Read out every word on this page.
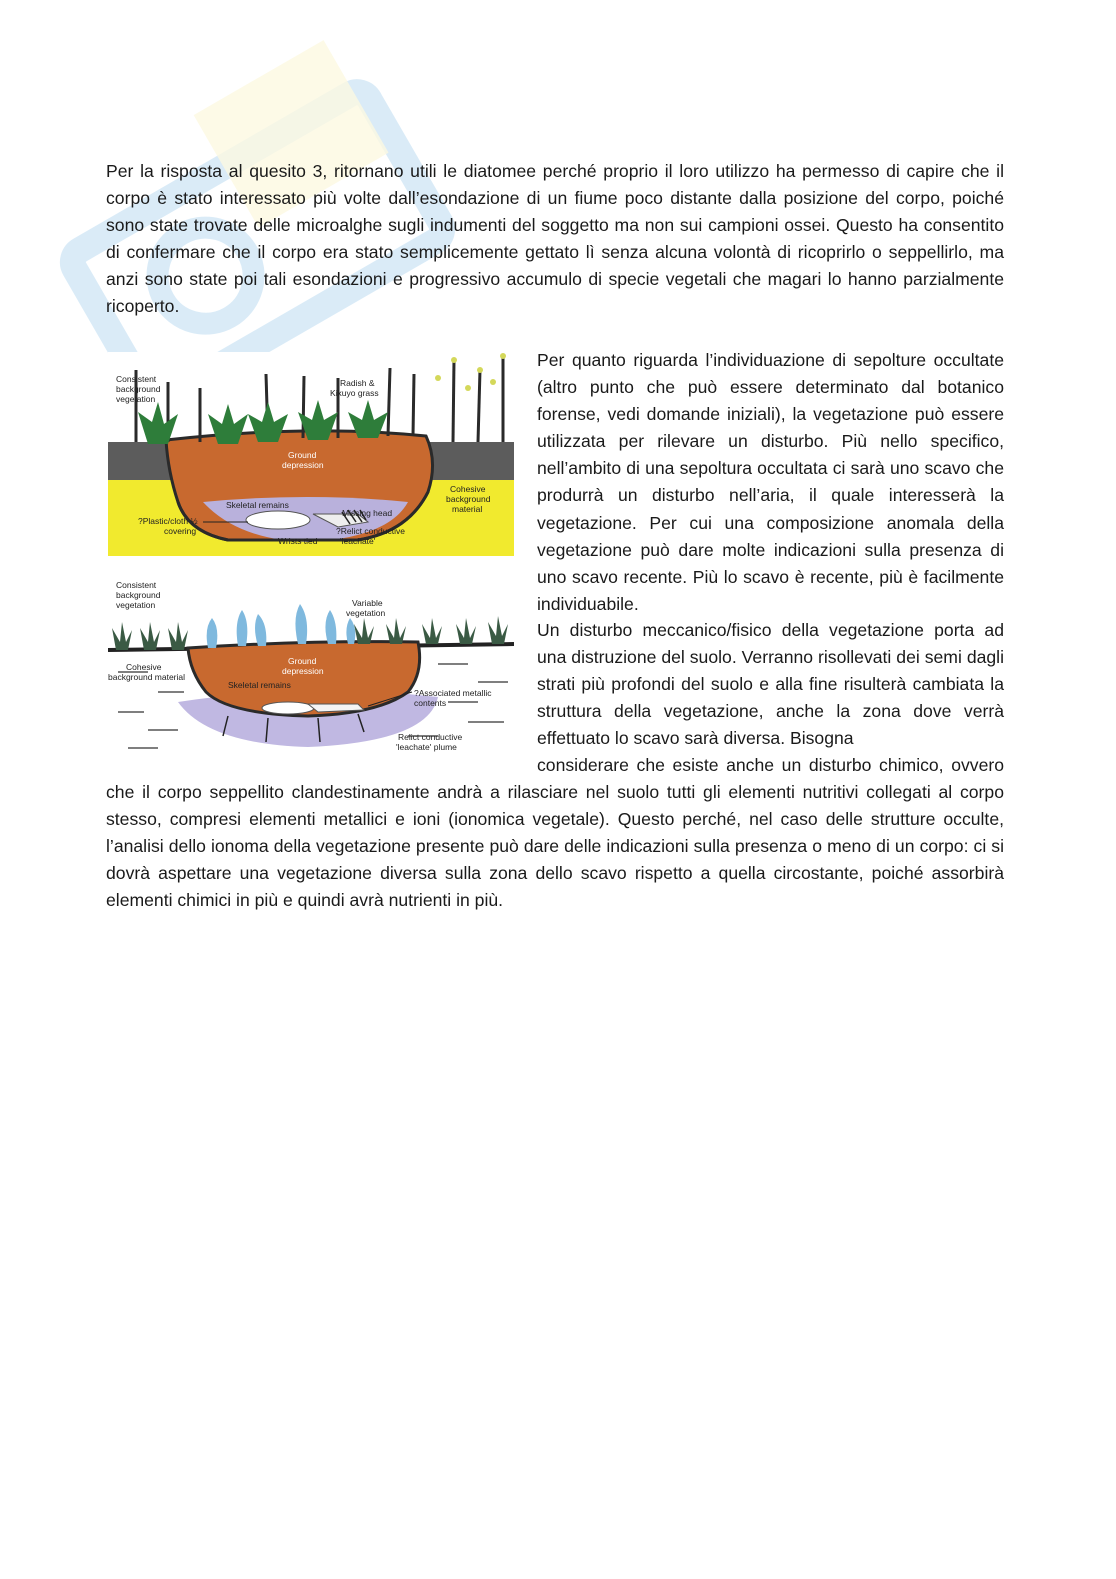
Per la risposta al quesito 3, ritornano utili le diatomee perché proprio il loro utilizzo ha permesso di capire che il corpo è stato interessato più volte dall’esondazione di un fiume poco distante dalla posizione del corpo, poiché sono state trovate delle microalghe sugli indumenti del soggetto ma non sui campioni ossei. Questo ha consentito di confermare che il corpo era stato semplicemente gettato lì senza alcuna volontà di ricoprirlo o seppellirlo, ma anzi sono state poi tali esondazioni e progressivo accumulo di specie vegetali che magari lo hanno parzialmente ricoperto.

Consistent
background
vegetation
Radish &
Kikuyo grass
Ground
depression
Cohesive
background
material
Skeletal remains
Missing head
?Plastic/cloth ½
covering
Wrists tied
?Relict conductive
'leachate'
Consistent
background
vegetation	Variable
vegetation
Cohesive
background material
Ground
depression
Skeletal remains
?Associated metallic
contents
Relict conductive
'leachate' plume

Per quanto riguarda l’individuazione di sepolture occultate (altro punto che può essere determinato dal botanico forense, vedi domande iniziali), la vegetazione può essere utilizzata per rilevare un disturbo. Più nello specifico, nell’ambito di una sepoltura occultata ci sarà uno scavo che produrrà un disturbo nell’aria, il quale interesserà la vegetazione. Per cui una composizione anomala della vegetazione può dare molte indicazioni sulla presenza di uno scavo recente. Più lo scavo è recente, più è facilmente individuabile.

Un disturbo meccanico/fisico della vegetazione porta ad una distruzione del suolo. Verranno risollevati dei semi dagli strati più profondi del suolo e alla fine risulterà cambiata la struttura della vegetazione, anche la zona dove verrà effettuato lo scavo sarà diversa. Bisogna

considerare che esiste anche un disturbo chimico, ovvero

che il corpo seppellito clandestinamente andrà a rilasciare nel suolo tutti gli elementi nutritivi collegati al corpo stesso, compresi elementi metallici e ioni (ionomica vegetale). Questo perché, nel caso delle strutture occulte, l’analisi dello ionoma della vegetazione presente può dare delle indicazioni sulla presenza o meno di un corpo: ci si dovrà aspettare una vegetazione diversa sulla zona dello scavo rispetto a quella circostante, poiché assorbirà elementi chimici in più e quindi avrà nutrienti in più.
